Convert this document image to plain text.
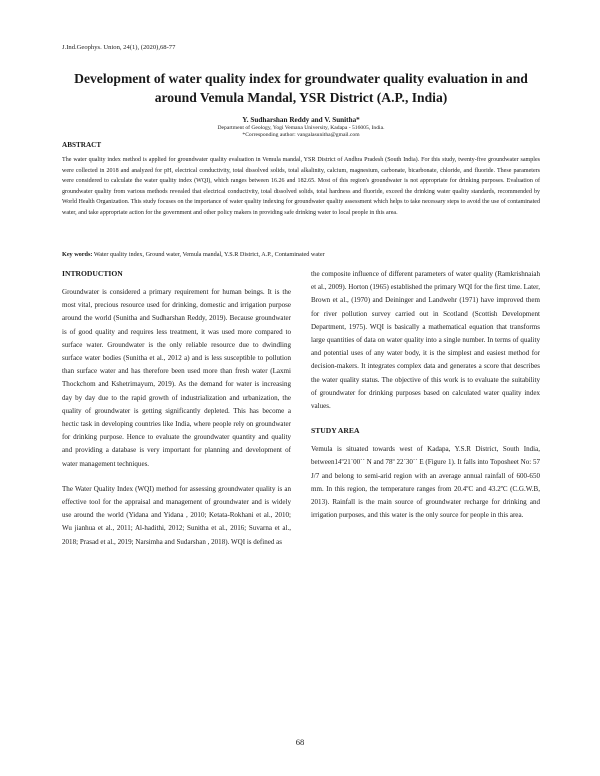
J.Ind.Geophys. Union, 24(1), (2020),68-77
Development of water quality index for groundwater quality evaluation in and around Vemula Mandal, YSR District (A.P., India)
Y. Sudharshan Reddy and V. Sunitha*
Department of Geology, Yogi Vemana University, Kadapa - 516005, India.
*Corresponding author: vangalasunitha@gmail.com
ABSTRACT

The water quality index method is applied for groundwater quality evaluation in Vemula mandal, YSR District of Andhra Pradesh (South India). For this study, twenty-five groundwater samples were collected in 2018 and analyzed for pH, electrical conductivity, total dissolved solids, total alkalinity, calcium, magnesium, carbonate, bicarbonate, chloride, and fluoride. These parameters were considered to calculate the water quality index (WQI), which ranges between 16.26 and 182.65. Most of this region's groundwater is not appropriate for drinking purposes. Evaluation of groundwater quality from various methods revealed that electrical conductivity, total dissolved solids, total hardness and fluoride, exceed the drinking water quality standards, recommended by World Health Organization. This study focuses on the importance of water quality indexing for groundwater quality assessment which helps to take necessary steps to avoid the use of contaminated water, and take appropriate action for the government and other policy makers in providing safe drinking water to local people in this area.

Key words: Water quality index, Ground water, Vemula mandal, Y.S.R District, A.P., Contaminated water
INTRODUCTION

Groundwater is considered a primary requirement for human beings. It is the most vital, precious resource used for drinking, domestic and irrigation purpose around the world (Sunitha and Sudharshan Reddy, 2019). Because groundwater is of good quality and requires less treatment, it was used more compared to surface water. Groundwater is the only reliable resource due to dwindling surface water bodies (Sunitha et al., 2012 a) and is less susceptible to pollution than surface water and has therefore been used more than fresh water (Laxmi Thockchom and Kshetrimayum, 2019). As the demand for water is increasing day by day due to the rapid growth of industrialization and urbanization, the quality of groundwater is getting significantly depleted. This has become a hectic task in developing countries like India, where people rely on groundwater for drinking purpose. Hence to evaluate the groundwater quantity and quality and providing a database is very important for planning and development of water management techniques.

The Water Quality Index (WQI) method for assessing groundwater quality is an effective tool for the appraisal and management of groundwater and is widely use around the world (Yidana and Yidana , 2010; Ketata-Rokhani et al., 2010; Wu jianhua et al., 2011; Al-hadithi, 2012; Sunitha et al., 2016; Suvarna et al., 2018; Prasad et al., 2019; Narsimha and Sudarshan , 2018). WQI is defined as

the composite influence of different parameters of water quality (Ramkrishnaiah et al., 2009). Horton (1965) established the primary WQI for the first time. Later, Brown et al., (1970) and Deininger and Landwehr (1971) have improved them for river pollution survey carried out in Scotland (Scottish Development Department, 1975). WQI is basically a mathematical equation that transforms large quantities of data on water quality into a single number. In terms of quality and potential uses of any water body, it is the simplest and easiest method for decision-makers. It integrates complex data and generates a score that describes the water quality status. The objective of this work is to evaluate the suitability of groundwater for drinking purposes based on calculated water quality index values.

STUDY AREA

Vemula is situated towards west of Kadapa, Y.S.R District, South India, between14º21´00´´ N and 78º 22´30´´ E (Figure 1). It falls into Toposheet No: 57 J/7 and belong to semi-arid region with an average annual rainfall of 600-650 mm. In this region, the temperature ranges from 20.4ºC and 43.2ºC (C.G.W.B, 2013). Rainfall is the main source of groundwater recharge for drinking and irrigation purposes, and this water is the only source for people in this area.

68
